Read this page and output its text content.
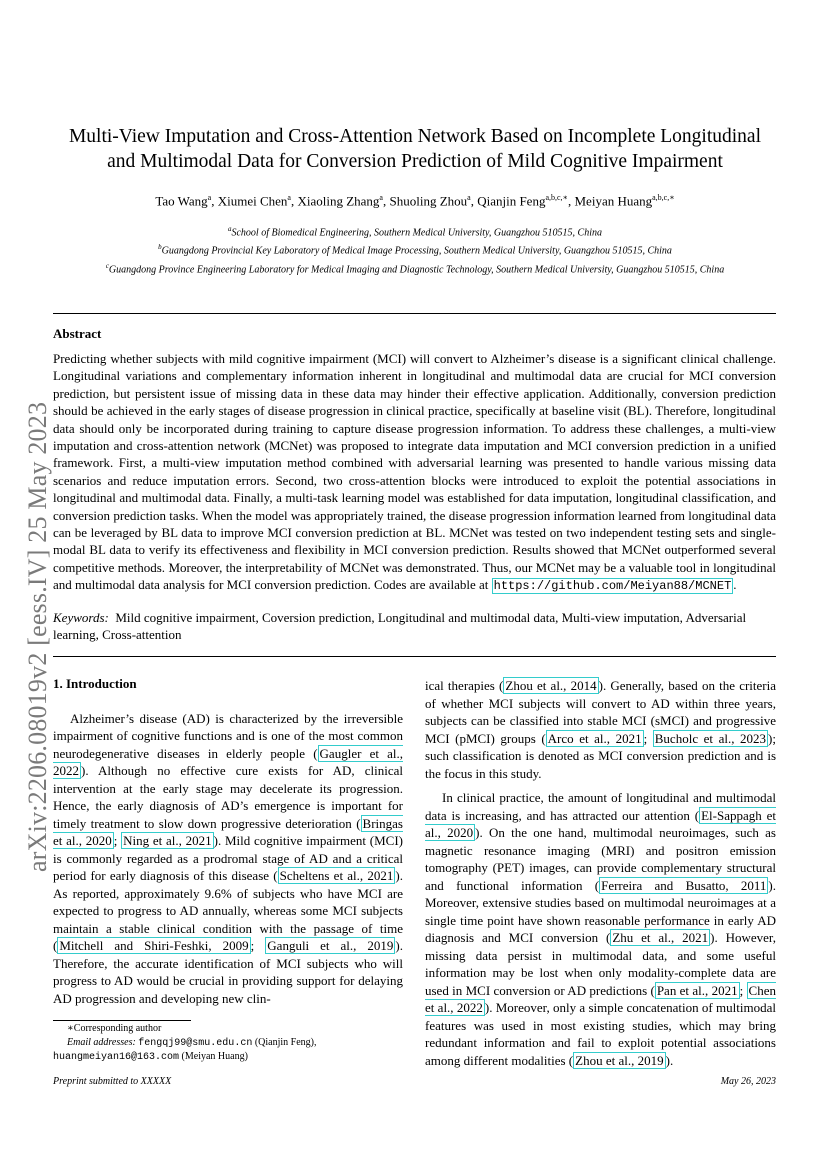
arXiv:2206.08019v2 [eess.IV] 25 May 2023
Multi-View Imputation and Cross-Attention Network Based on Incomplete Longitudinal and Multimodal Data for Conversion Prediction of Mild Cognitive Impairment
Tao Wang$^a$, Xiumei Chen$^a$, Xiaoling Zhang$^a$, Shuoling Zhou$^a$, Qianjin Feng$^{a,b,c,∗}$, Meiyan Huang$^{a,b,c,∗}$
$^a$School of Biomedical Engineering, Southern Medical University, Guangzhou 510515, China
$^b$Guangdong Provincial Key Laboratory of Medical Image Processing, Southern Medical University, Guangzhou 510515, China
$^c$Guangdong Province Engineering Laboratory for Medical Imaging and Diagnostic Technology, Southern Medical University, Guangzhou 510515, China
Abstract
Predicting whether subjects with mild cognitive impairment (MCI) will convert to Alzheimer’s disease is a significant clinical challenge. Longitudinal variations and complementary information inherent in longitudinal and multimodal data are crucial for MCI conversion prediction, but persistent issue of missing data in these data may hinder their effective application. Additionally, conversion prediction should be achieved in the early stages of disease progression in clinical practice, specifically at baseline visit (BL). Therefore, longitudinal data should only be incorporated during training to capture disease progression information. To address these challenges, a multi-view imputation and cross-attention network (MCNet) was proposed to integrate data imputation and MCI conversion prediction in a unified framework. First, a multi-view imputation method combined with adversarial learning was presented to handle various missing data scenarios and reduce imputation errors. Second, two cross-attention blocks were introduced to exploit the potential associations in longitudinal and multimodal data. Finally, a multi-task learning model was established for data imputation, longitudinal classification, and conversion prediction tasks. When the model was appropriately trained, the disease progression information learned from longitudinal data can be leveraged by BL data to improve MCI conversion prediction at BL. MCNet was tested on two independent testing sets and single-modal BL data to verify its effectiveness and flexibility in MCI conversion prediction. Results showed that MCNet outperformed several competitive methods. Moreover, the interpretability of MCNet was demonstrated. Thus, our MCNet may be a valuable tool in longitudinal and multimodal data analysis for MCI conversion prediction. Codes are available at https://github.com/Meiyan88/MCNET .
Keywords: Mild cognitive impairment, Coversion prediction, Longitudinal and multimodal data, Multi-view imputation, Adversarial learning, Cross-attention
1. Introduction

Alzheimer’s disease (AD) is characterized by the irreversible impairment of cognitive functions and is one of the most common neurodegenerative diseases in elderly people ( Gaugler et al., 2022 ). Although no effective cure exists for AD, clinical intervention at the early stage may decelerate its progression. Hence, the early diagnosis of AD’s emergence is important for timely treatment to slow down progressive deterioration ( Bringas et al., 2020 ; Ning et al., 2021 ). Mild cognitive impairment (MCI) is commonly regarded as a prodromal stage of AD and a critical period for early diagnosis of this disease ( Scheltens et al., 2021 ). As reported, approximately 9.6% of subjects who have MCI are expected to progress to AD annually, whereas some MCI subjects maintain a stable clinical condition with the passage of time ( Mitchell and Shiri-Feshki, 2009 ; Ganguli et al., 2019 ). Therefore, the accurate identification of MCI subjects who will progress to AD would be crucial in providing support for delaying AD progression and developing new clin-

ical therapies ( Zhou et al., 2014 ). Generally, based on the criteria of whether MCI subjects will convert to AD within three years, subjects can be classified into stable MCI (sMCI) and progressive MCI (pMCI) groups ( Arco et al., 2021 ; Bucholc et al., 2023 ); such classification is denoted as MCI conversion prediction and is the focus in this study.

In clinical practice, the amount of longitudinal and multimodal data is increasing, and has attracted our attention ( El-Sappagh et al., 2020 ). On the one hand, multimodal neuroimages, such as magnetic resonance imaging (MRI) and positron emission tomography (PET) images, can provide complementary structural and functional information ( Ferreira and Busatto, 2011 ). Moreover, extensive studies based on multimodal neuroimages at a single time point have shown reasonable performance in early AD diagnosis and MCI conversion ( Zhu et al., 2021 ). However, missing data persist in multimodal data, and some useful information may be lost when only modality-complete data are used in MCI conversion or AD predictions ( Pan et al., 2021 ; Chen et al., 2022 ). Moreover, only a simple concatenation of multimodal features was used in most existing studies, which may bring redundant information and fail to exploit potential associations among different modalities ( Zhou et al., 2019 ).

∗Corresponding author
Email addresses: fengqj99@smu.edu.cn (Qianjin Feng),
huangmeiyan16@163.com (Meiyan Huang)
Preprint submitted to XXXXX	May 26, 2023
